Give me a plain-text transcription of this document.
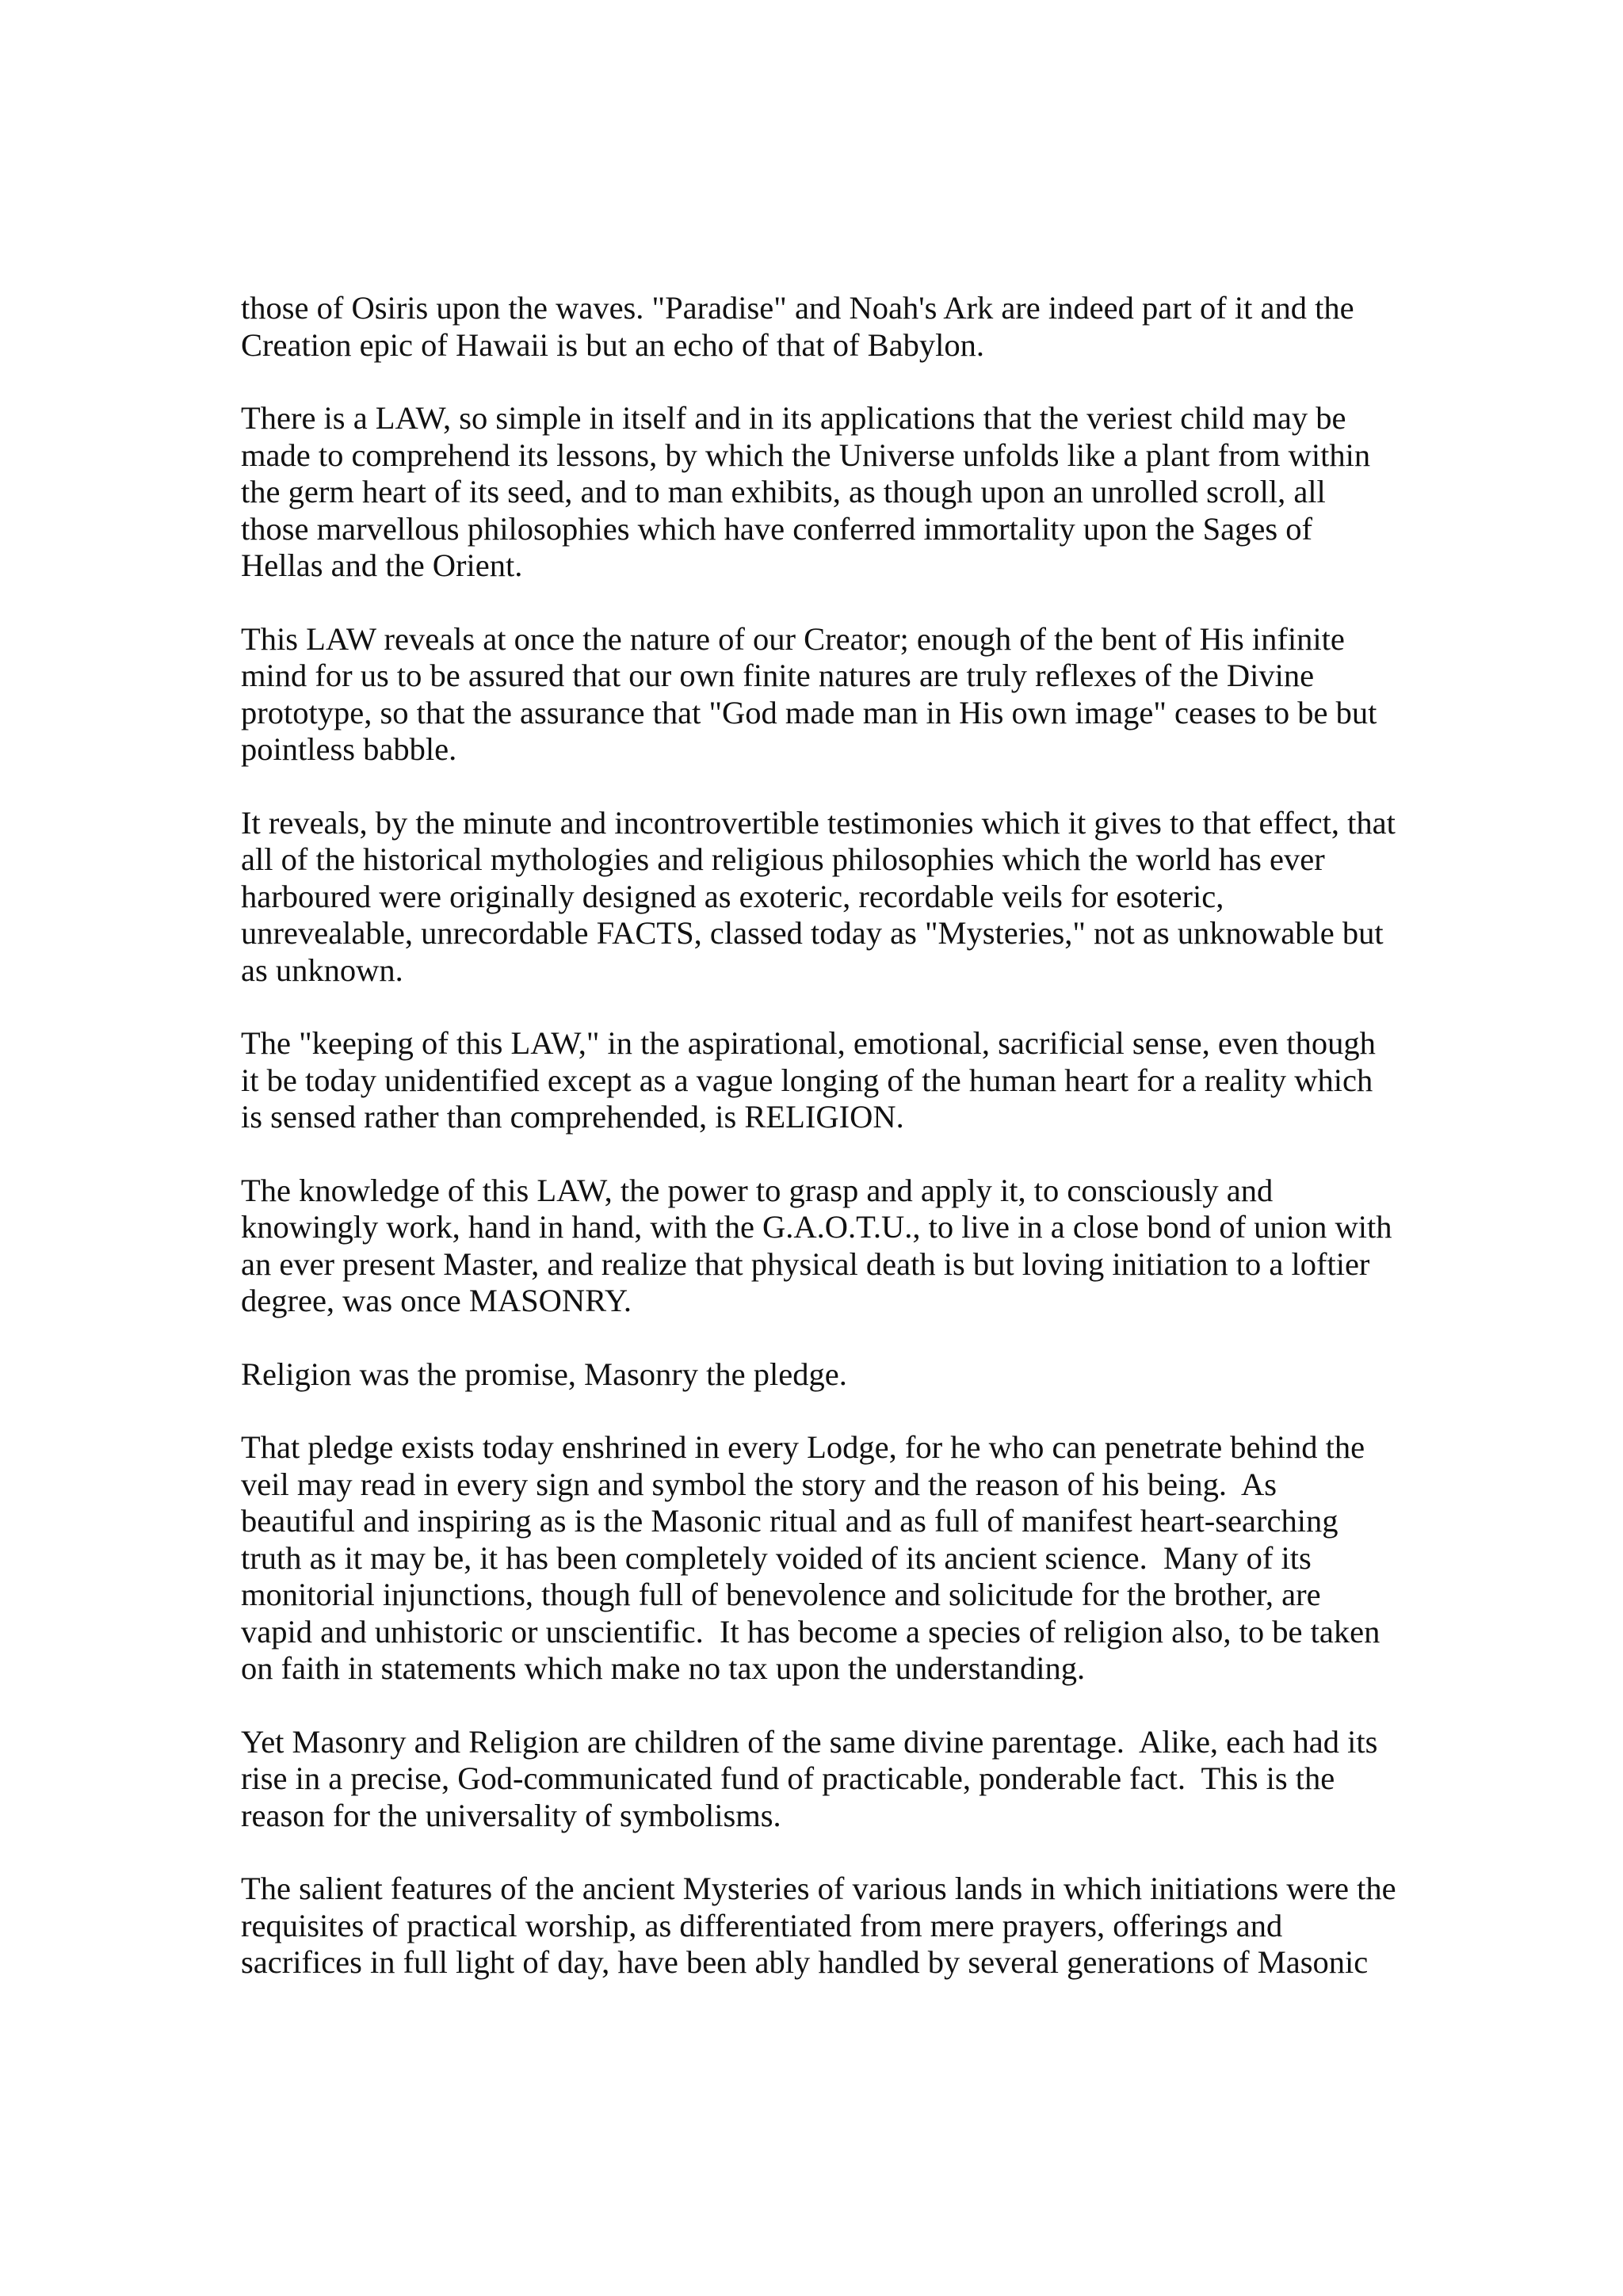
those of Osiris upon the waves. "Paradise" and Noah's Ark are indeed part of it and the
Creation epic of Hawaii is but an echo of that of Babylon.

There is a LAW, so simple in itself and in its applications that the veriest child may be
made to comprehend its lessons, by which the Universe unfolds like a plant from within
the germ heart of its seed, and to man exhibits, as though upon an unrolled scroll, all
those marvellous philosophies which have conferred immortality upon the Sages of
Hellas and the Orient.

This LAW reveals at once the nature of our Creator; enough of the bent of His infinite
mind for us to be assured that our own finite natures are truly reflexes of the Divine
prototype, so that the assurance that "God made man in His own image" ceases to be but
pointless babble.

It reveals, by the minute and incontrovertible testimonies which it gives to that effect, that
all of the historical mythologies and religious philosophies which the world has ever
harboured were originally designed as exoteric, recordable veils for esoteric,
unrevealable, unrecordable FACTS, classed today as "Mysteries," not as unknowable but
as unknown.

The "keeping of this LAW," in the aspirational, emotional, sacrificial sense, even though
it be today unidentified except as a vague longing of the human heart for a reality which
is sensed rather than comprehended, is RELIGION.

The knowledge of this LAW, the power to grasp and apply it, to consciously and
knowingly work, hand in hand, with the G.A.O.T.U., to live in a close bond of union with
an ever present Master, and realize that physical death is but loving initiation to a loftier
degree, was once MASONRY.

Religion was the promise, Masonry the pledge.

That pledge exists today enshrined in every Lodge, for he who can penetrate behind the
veil may read in every sign and symbol the story and the reason of his being.  As
beautiful and inspiring as is the Masonic ritual and as full of manifest heart-searching
truth as it may be, it has been completely voided of its ancient science.  Many of its
monitorial injunctions, though full of benevolence and solicitude for the brother, are
vapid and unhistoric or unscientific.  It has become a species of religion also, to be taken
on faith in statements which make no tax upon the understanding.

Yet Masonry and Religion are children of the same divine parentage.  Alike, each had its
rise in a precise, God-communicated fund of practicable, ponderable fact.  This is the
reason for the universality of symbolisms.

The salient features of the ancient Mysteries of various lands in which initiations were the
requisites of practical worship, as differentiated from mere prayers, offerings and
sacrifices in full light of day, have been ably handled by several generations of Masonic
